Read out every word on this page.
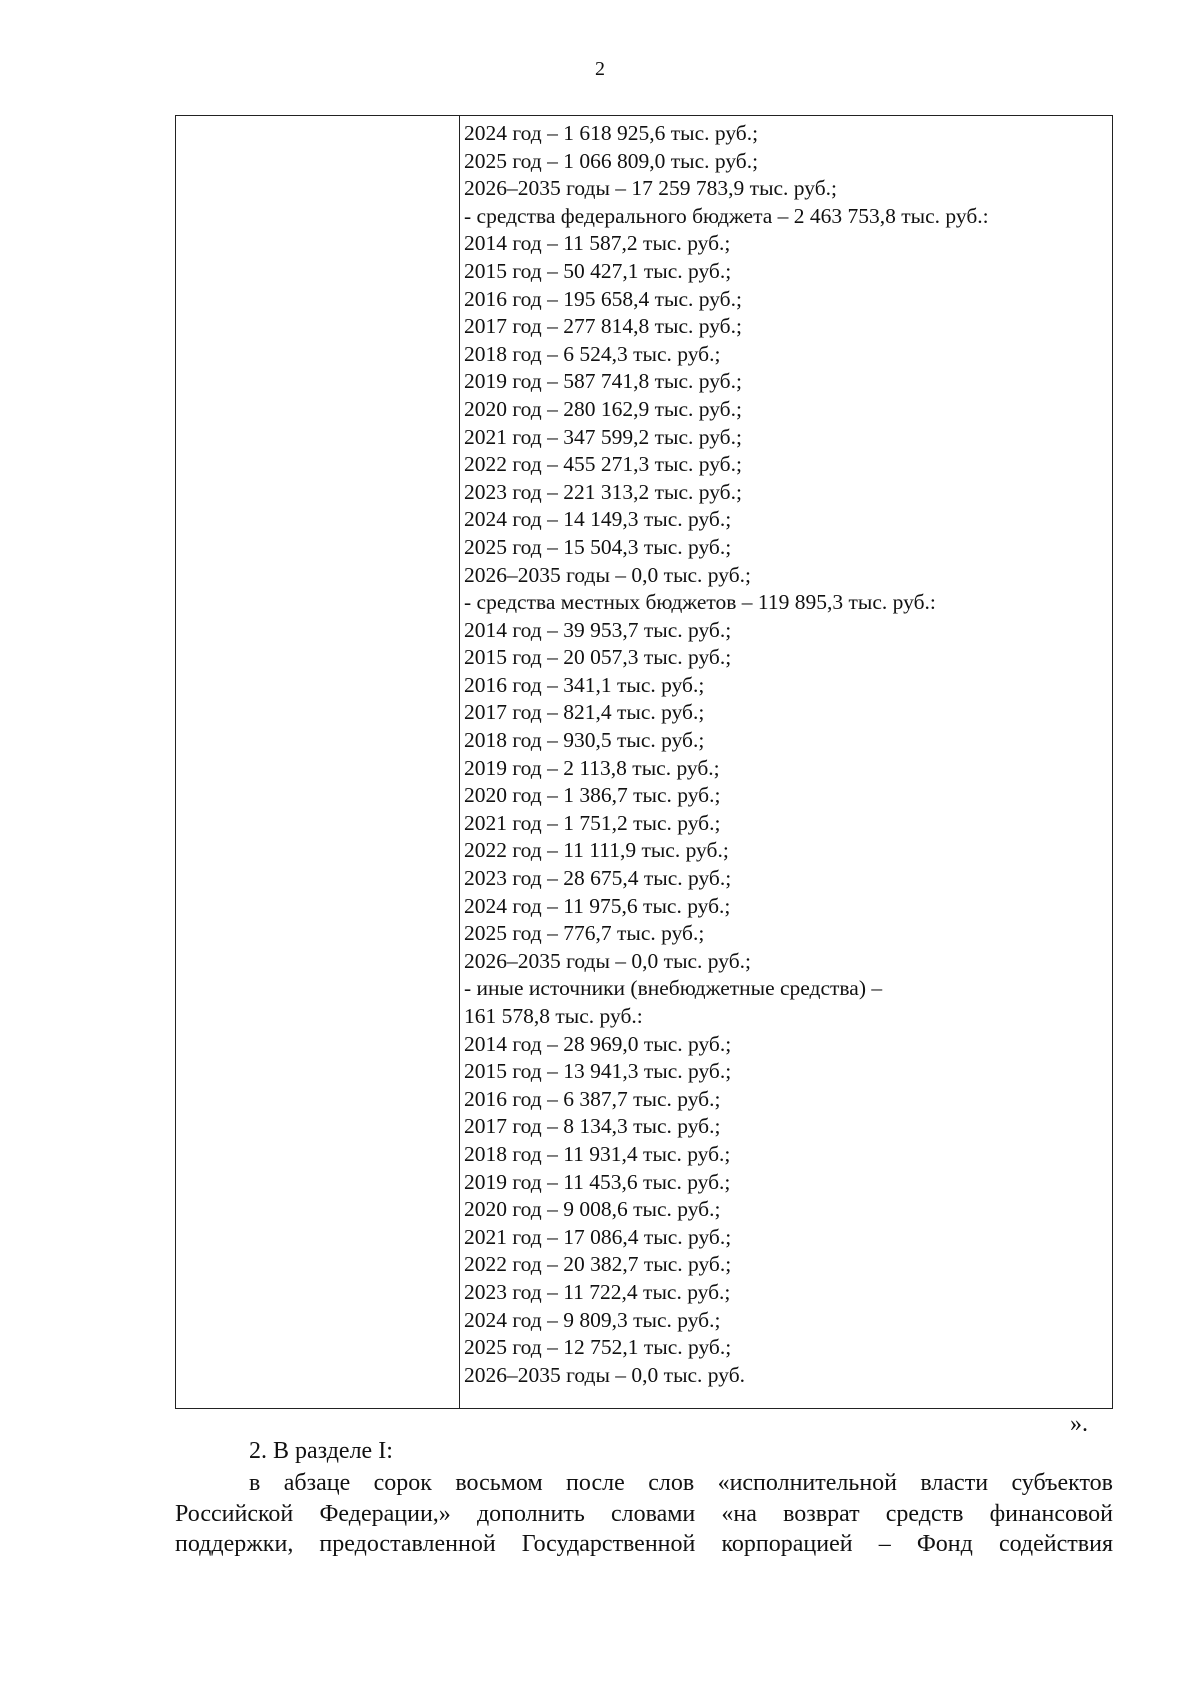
2
2024 год – 1 618 925,6 тыс. руб.;
2025 год – 1 066 809,0 тыс. руб.;
2026–2035 годы – 17 259 783,9 тыс. руб.;
- средства федерального бюджета – 2 463 753,8 тыс. руб.:
2014 год – 11 587,2 тыс. руб.;
2015 год – 50 427,1 тыс. руб.;
2016 год – 195 658,4 тыс. руб.;
2017 год – 277 814,8 тыс. руб.;
2018 год – 6 524,3 тыс. руб.;
2019 год – 587 741,8 тыс. руб.;
2020 год – 280 162,9 тыс. руб.;
2021 год – 347 599,2 тыс. руб.;
2022 год – 455 271,3 тыс. руб.;
2023 год – 221 313,2 тыс. руб.;
2024 год – 14 149,3 тыс. руб.;
2025 год – 15 504,3 тыс. руб.;
2026–2035 годы – 0,0 тыс. руб.;
- средства местных бюджетов – 119 895,3 тыс. руб.:
2014 год – 39 953,7 тыс. руб.;
2015 год – 20 057,3 тыс. руб.;
2016 год – 341,1 тыс. руб.;
2017 год – 821,4 тыс. руб.;
2018 год – 930,5 тыс. руб.;
2019 год – 2 113,8 тыс. руб.;
2020 год – 1 386,7 тыс. руб.;
2021 год – 1 751,2 тыс. руб.;
2022 год – 11 111,9 тыс. руб.;
2023 год – 28 675,4 тыс. руб.;
2024 год – 11 975,6 тыс. руб.;
2025 год – 776,7 тыс. руб.;
2026–2035 годы – 0,0 тыс. руб.;
- иные источники (внебюджетные средства) –
161 578,8 тыс. руб.:
2014 год – 28 969,0 тыс. руб.;
2015 год – 13 941,3 тыс. руб.;
2016 год – 6 387,7 тыс. руб.;
2017 год – 8 134,3 тыс. руб.;
2018 год – 11 931,4 тыс. руб.;
2019 год – 11 453,6 тыс. руб.;
2020 год – 9 008,6 тыс. руб.;
2021 год – 17 086,4 тыс. руб.;
2022 год – 20 382,7 тыс. руб.;
2023 год – 11 722,4 тыс. руб.;
2024 год – 9 809,3 тыс. руб.;
2025 год – 12 752,1 тыс. руб.;
2026–2035 годы – 0,0 тыс. руб.
».
2. В разделе I:
в абзаце сорок восьмом после слов «исполнительной власти субъектов
Российской Федерации,» дополнить словами «на возврат средств финансовой
поддержки, предоставленной Государственной корпорацией – Фонд содействия
